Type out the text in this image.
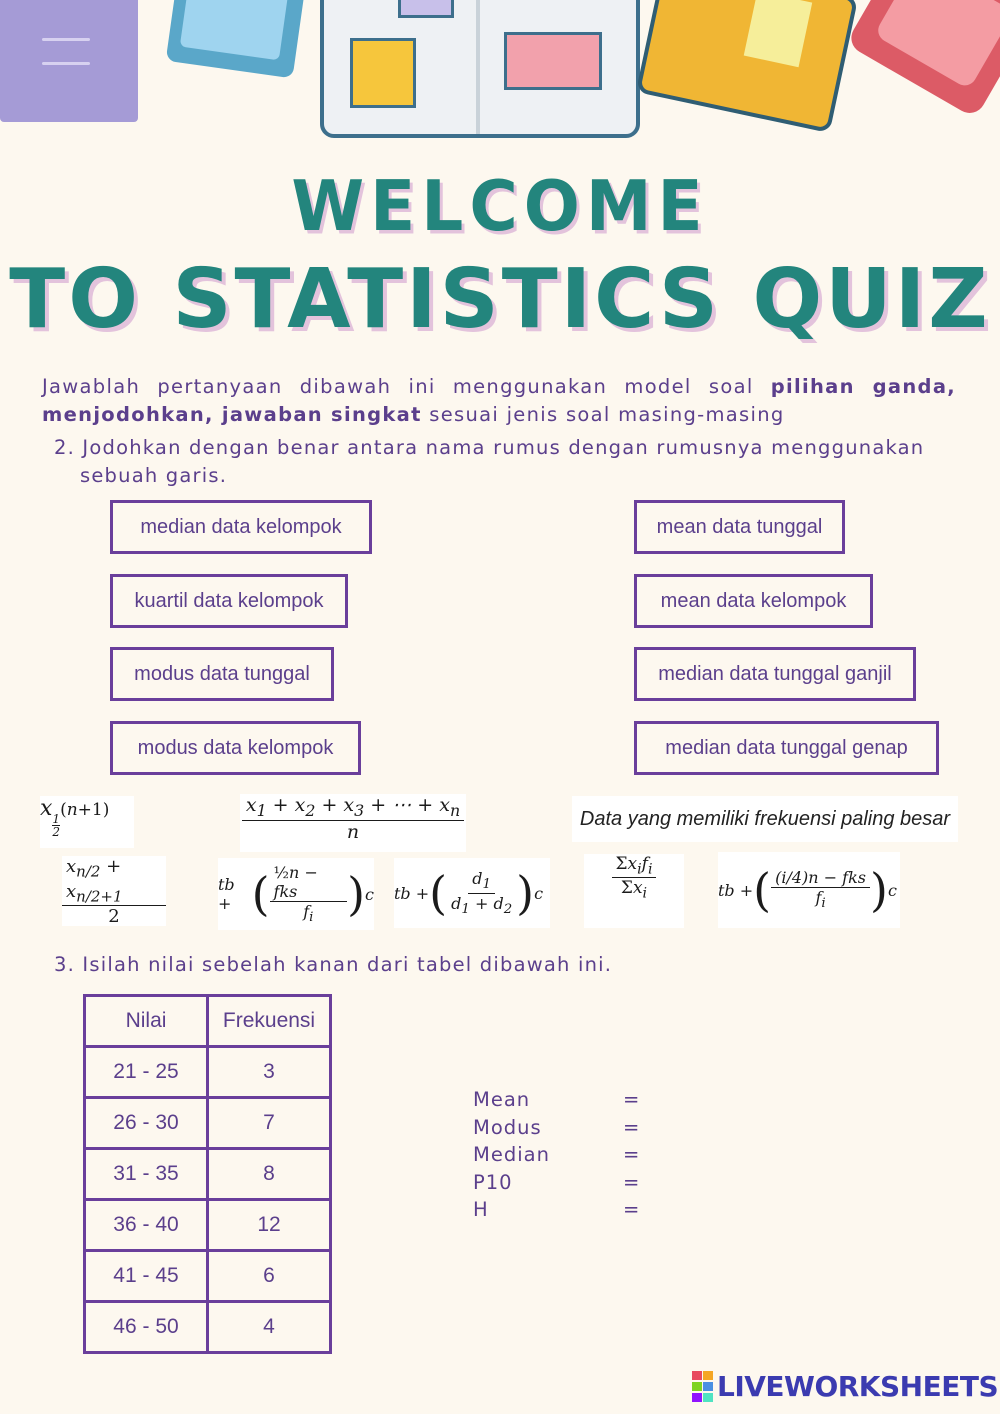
WELCOME
TO STATISTICS QUIZ
Jawablah pertanyaan dibawah ini menggunakan model soal pilihan ganda, menjodohkan, jawaban singkat sesuai jenis soal masing-masing
2. Jodohkan dengan benar antara nama rumus dengan rumusnya menggunakan
sebuah garis.
median data kelompok
kuartil data kelompok
modus data tunggal
modus data kelompok
mean data tunggal
mean data kelompok
median data tunggal ganjil
median data tunggal genap
x
$\frac{1}{2}$
(n+1)	$\frac{x_1 + x_2 + x_3 + \cdots + x_n}{n}$	Data yang memiliki frekuensi paling besar
$\frac{x_{n/2} + x_{n/2+1}}{2}$	tb + ( $\frac{\text{½n − fks}}{f_i}$ ) c tb + ( $\frac{d_1}{d_1 + d_2}$ ) c	$\frac{\Sigma x_if_i}{\Sigma x_i}$	tb + ( $\frac{\text{(i/4)n − fks}}{f_i}$ ) c
3. Isilah nilai sebelah kanan dari tabel dibawah ini.
Nilai	Frekuensi
21 - 25	3
26 - 30	7
31 - 35	8
36 - 40	12
41 - 45	6
46 - 50	4
Mean	=
Modus	=
Median	=
P10	=
H	=
LIVEWORKSHEETS
